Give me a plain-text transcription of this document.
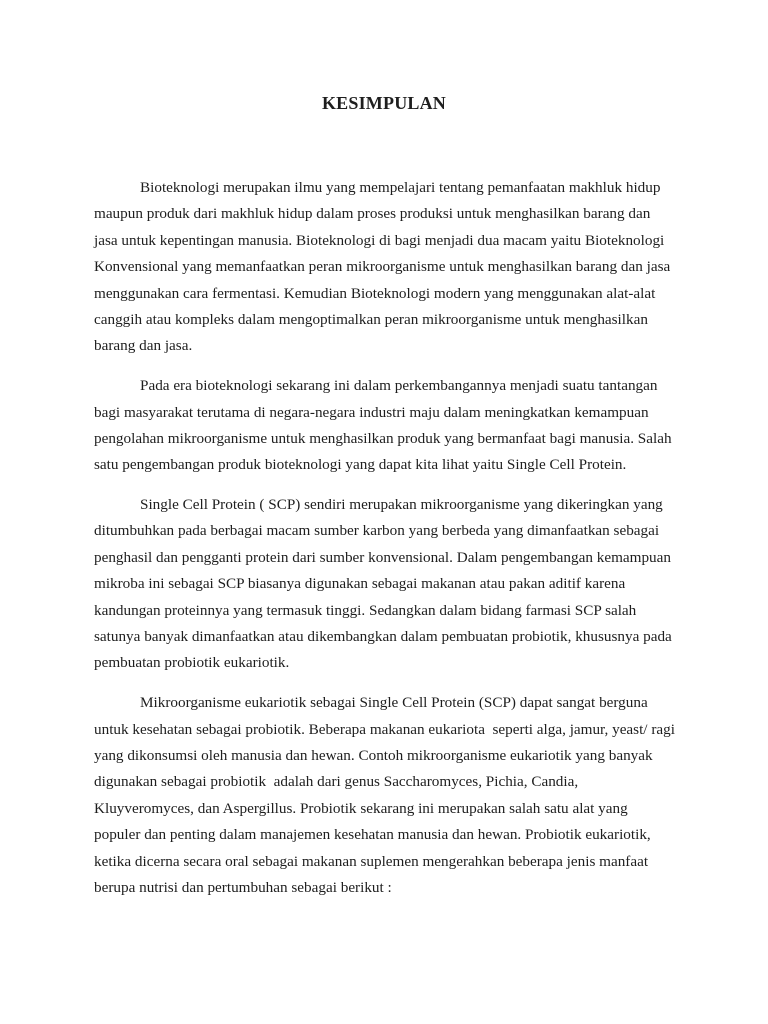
KESIMPULAN
Bioteknologi merupakan ilmu yang mempelajari tentang pemanfaatan makhluk hidup
maupun produk dari makhluk hidup dalam proses produksi untuk menghasilkan barang dan
jasa untuk kepentingan manusia. Bioteknologi di bagi menjadi dua macam yaitu Bioteknologi
Konvensional yang memanfaatkan peran mikroorganisme untuk menghasilkan barang dan jasa
menggunakan cara fermentasi. Kemudian Bioteknologi modern yang menggunakan alat-alat
canggih atau kompleks dalam mengoptimalkan peran mikroorganisme untuk menghasilkan
barang dan jasa.
Pada era bioteknologi sekarang ini dalam perkembangannya menjadi suatu tantangan
bagi masyarakat terutama di negara-negara industri maju dalam meningkatkan kemampuan
pengolahan mikroorganisme untuk menghasilkan produk yang bermanfaat bagi manusia. Salah
satu pengembangan produk bioteknologi yang dapat kita lihat yaitu Single Cell Protein.
Single Cell Protein ( SCP) sendiri merupakan mikroorganisme yang dikeringkan yang
ditumbuhkan pada berbagai macam sumber karbon yang berbeda yang dimanfaatkan sebagai
penghasil dan pengganti protein dari sumber konvensional. Dalam pengembangan kemampuan
mikroba ini sebagai SCP biasanya digunakan sebagai makanan atau pakan aditif karena
kandungan proteinnya yang termasuk tinggi. Sedangkan dalam bidang farmasi SCP salah
satunya banyak dimanfaatkan atau dikembangkan dalam pembuatan probiotik, khususnya pada
pembuatan probiotik eukariotik.
Mikroorganisme eukariotik sebagai Single Cell Protein (SCP) dapat sangat berguna
untuk kesehatan sebagai probiotik. Beberapa makanan eukariota  seperti alga, jamur, yeast/ ragi
yang dikonsumsi oleh manusia dan hewan. Contoh mikroorganisme eukariotik yang banyak
digunakan sebagai probiotik  adalah dari genus Saccharomyces, Pichia, Candia,
Kluyveromyces, dan Aspergillus. Probiotik sekarang ini merupakan salah satu alat yang
populer dan penting dalam manajemen kesehatan manusia dan hewan. Probiotik eukariotik,
ketika dicerna secara oral sebagai makanan suplemen mengerahkan beberapa jenis manfaat
berupa nutrisi dan pertumbuhan sebagai berikut :
